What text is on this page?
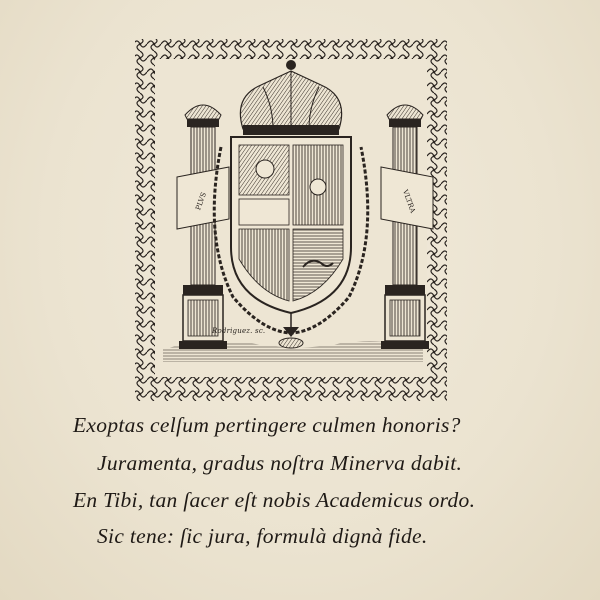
PLVS	VLTRA
Rodriguez. sc.

Exoptas celſum pertingere culmen honoris?

Juramenta, gradus noſtra Minerva dabit.

En Tibi, tan ſacer eſt nobis Academicus ordo.

Sic tene: ſic jura, formulà dignà fide.
